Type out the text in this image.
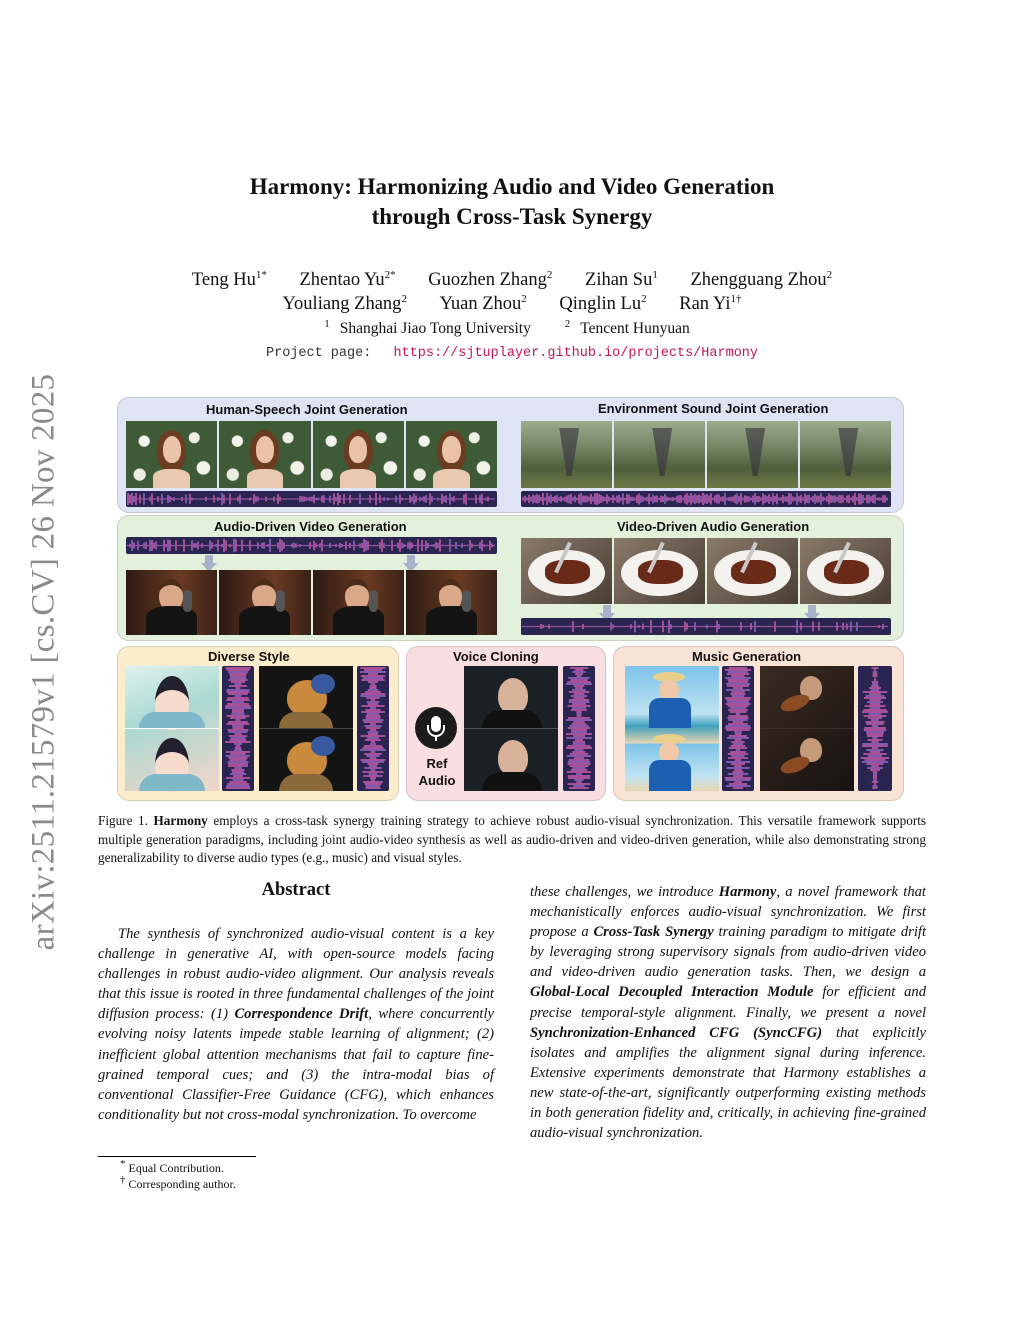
arXiv:2511.21579v1 [cs.CV] 26 Nov 2025
Harmony: Harmonizing Audio and Video Generation
through Cross-Task Synergy
Teng $Hu^{1*}$ Zhentao $Yu^{2*}$ Guozhen Zhang$^2$ Zihan Su$^1$ Zhengguang Zhou$^2$
Youliang Zhang$^2$ Yuan Zhou$^2$ Qinglin Lu$^2$ Ran $Yi^{1\dagger}$
$^1$ Shanghai Jiao Tong University	$^2$ Tencent Hunyuan
Project page: https://sjtuplayer.github.io/projects/Harmony
Human-Speech Joint Generation	Environment Sound Joint Generation
Audio-Driven Video Generation	Video-Driven Audio Generation
Diverse Style	Voice Cloning
Ref
Audio
Music Generation
Figure 1. Harmony employs a cross-task synergy training strategy to achieve robust audio-visual synchronization. This versatile framework supports multiple generation paradigms, including joint audio-video synthesis as well as audio-driven and video-driven generation, while also demonstrating strong generalizability to diverse audio types (e.g., music) and visual styles.
Abstract

The synthesis of synchronized audio-visual content is a key challenge in generative AI, with open-source models facing challenges in robust audio-video alignment. Our analysis reveals that this issue is rooted in three fundamental challenges of the joint diffusion process: (1) Correspondence Drift, where concurrently evolving noisy latents impede stable learning of alignment; (2) inefficient global attention mechanisms that fail to capture fine-grained temporal cues; and (3) the intra-modal bias of conventional Classifier-Free Guidance (CFG), which enhances conditionality but not cross-modal synchronization. To overcome

these challenges, we introduce Harmony, a novel framework that mechanistically enforces audio-visual synchronization. We first propose a Cross-Task Synergy training paradigm to mitigate drift by leveraging strong supervisory signals from audio-driven video and video-driven audio generation tasks. Then, we design a Global-Local Decoupled Interaction Module for efficient and precise temporal-style alignment. Finally, we present a novel Synchronization-Enhanced CFG (SyncCFG) that explicitly isolates and amplifies the alignment signal during inference. Extensive experiments demonstrate that Harmony establishes a new state-of-the-art, significantly outperforming existing methods in both generation fidelity and, critically, in achieving fine-grained audio-visual synchronization.

* Equal Contribution.
† Corresponding author.
